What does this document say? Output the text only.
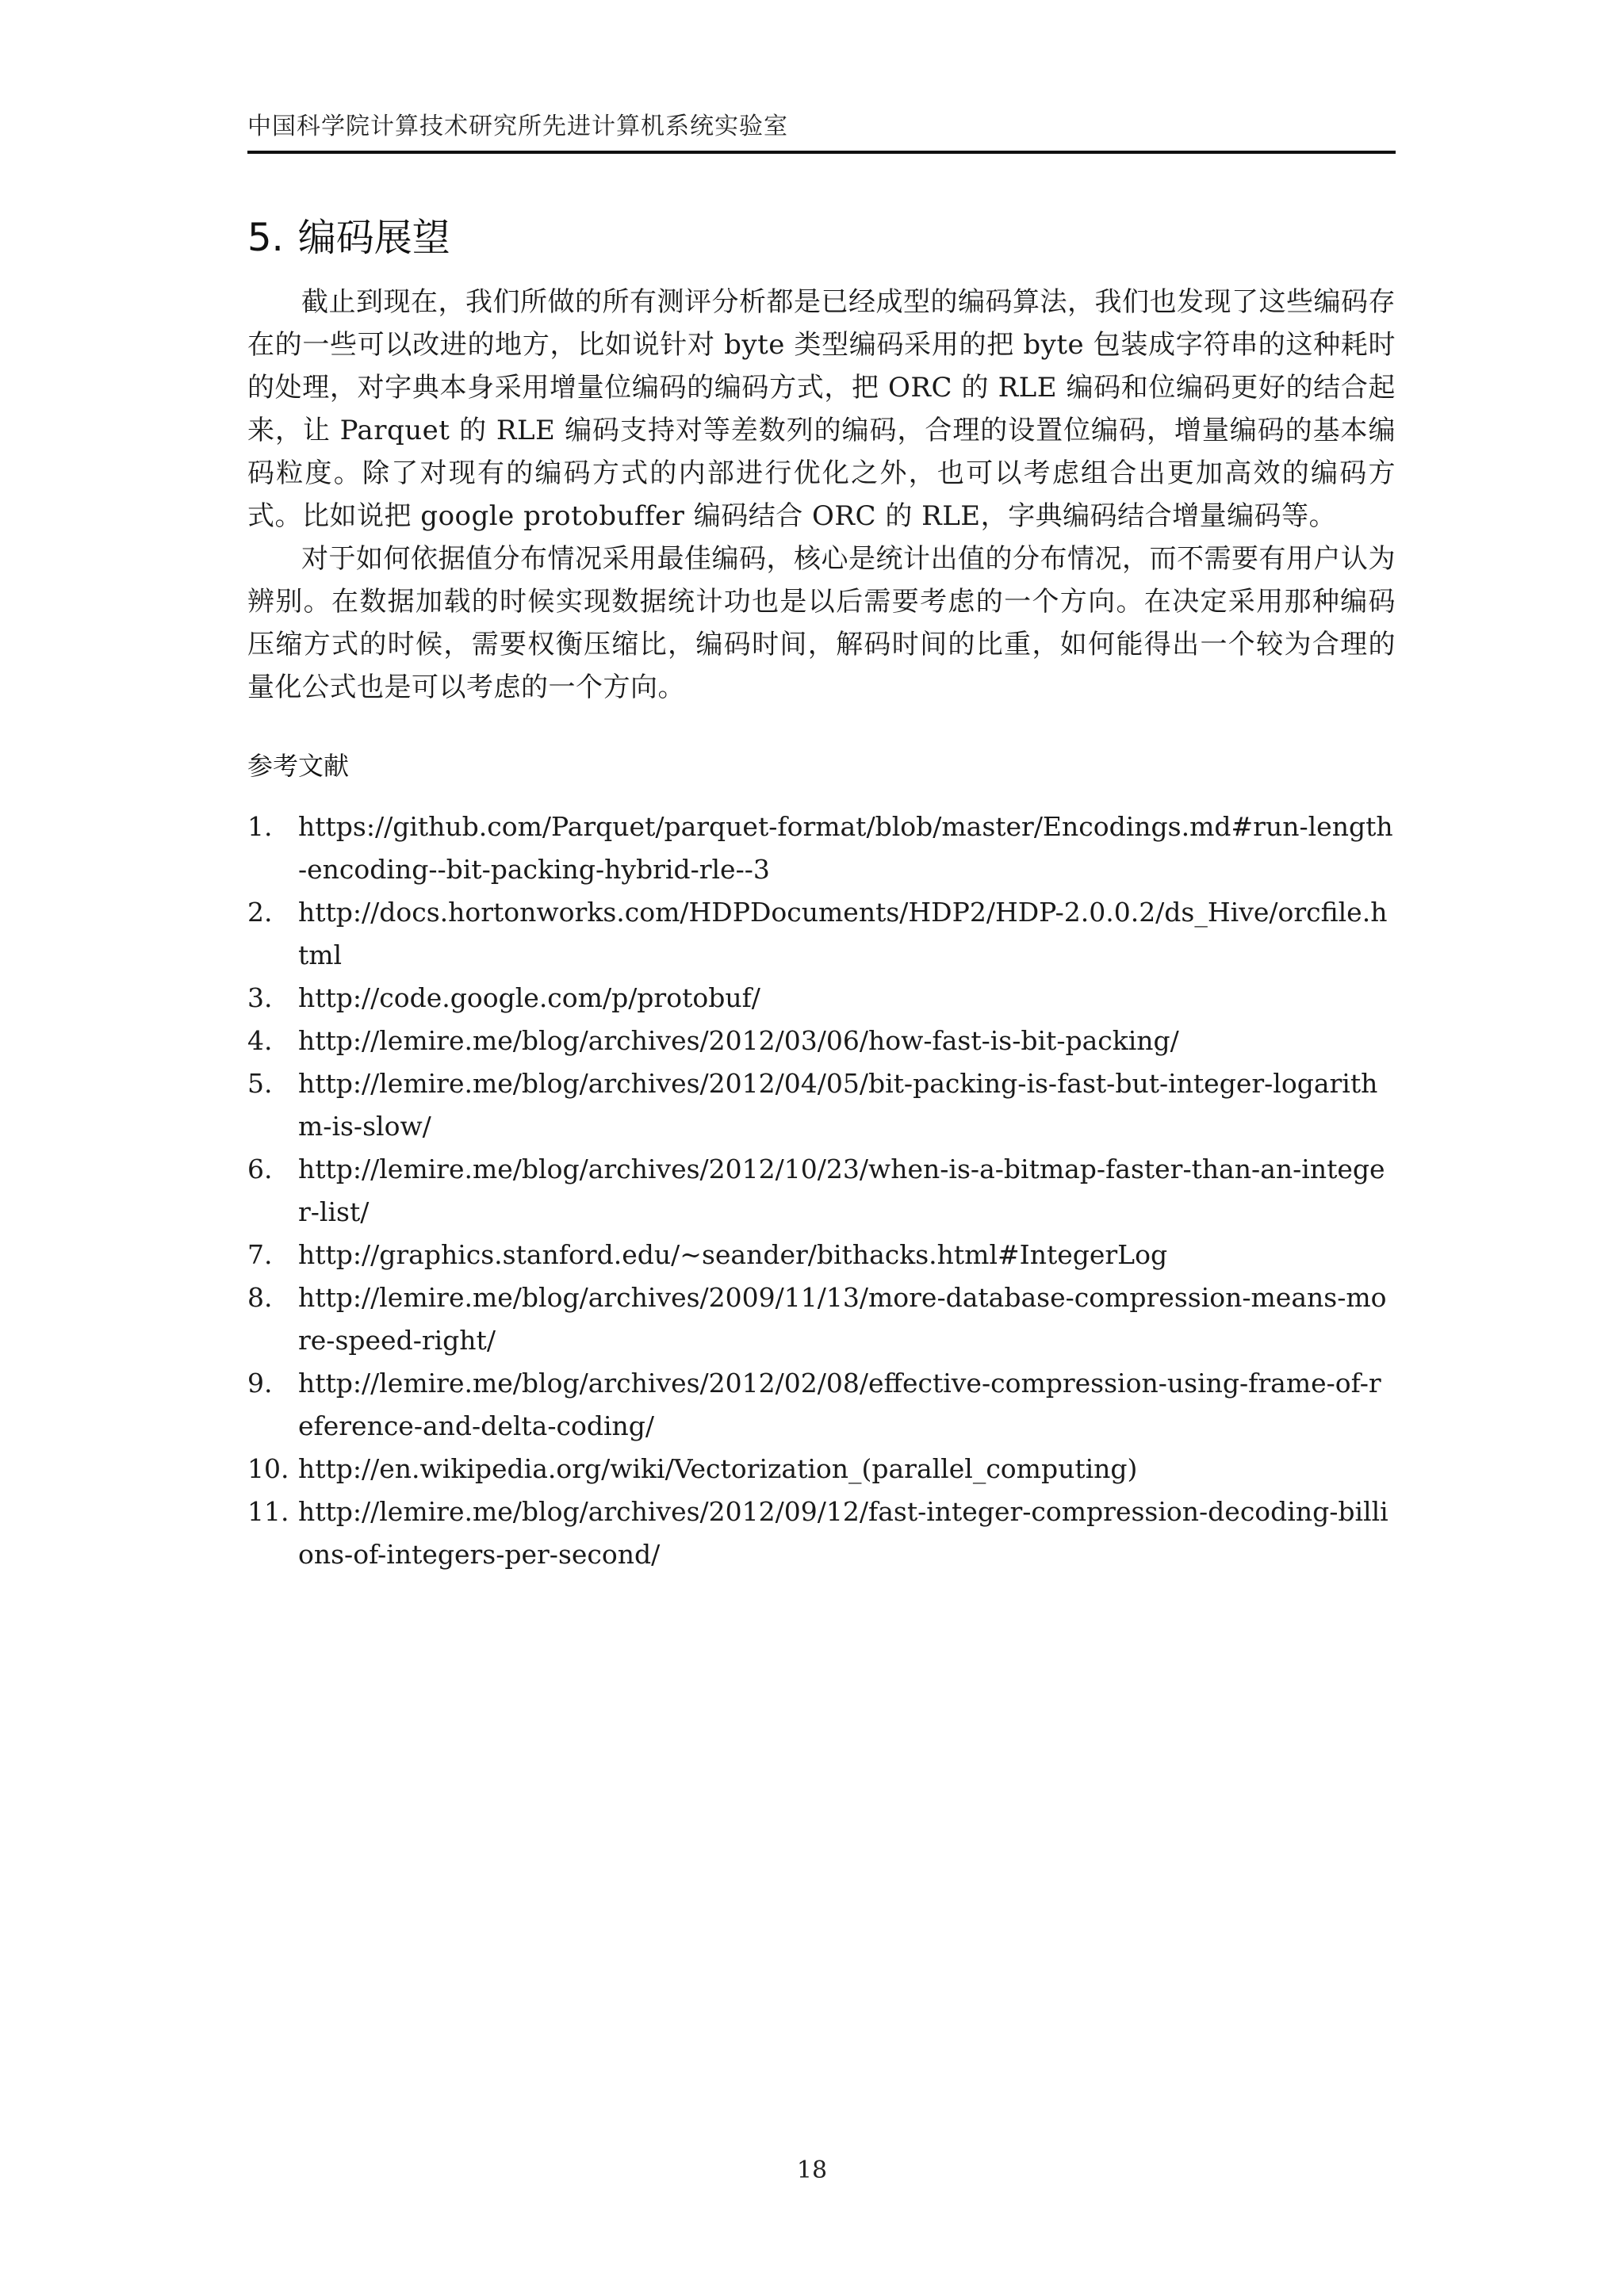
中国科学院计算技术研究所先进计算机系统实验室
5. 编码展望

截止到现在，我们所做的所有测评分析都是已经成型的编码算法，我们也发现了这些编码存在的一些可以改进的地方，比如说针对 byte 类型编码采用的把 byte 包装成字符串的这种耗时的处理，对字典本身采用增量位编码的编码方式，把 ORC 的 RLE 编码和位编码更好的结合起来，让 Parquet 的 RLE 编码支持对等差数列的编码，合理的设置位编码，增量编码的基本编码粒度。除了对现有的编码方式的内部进行优化之外，也可以考虑组合出更加高效的编码方式。比如说把 google protobuffer 编码结合 ORC 的 RLE，字典编码结合增量编码等。

对于如何依据值分布情况采用最佳编码，核心是统计出值的分布情况，而不需要有用户认为辨别。在数据加载的时候实现数据统计功也是以后需要考虑的一个方向。在决定采用那种编码压缩方式的时候，需要权衡压缩比，编码时间，解码时间的比重，如何能得出一个较为合理的量化公式也是可以考虑的一个方向。

参考文献
1. https://github.com/Parquet/parquet-format/blob/master/Encodings.md#run-length-encoding--bit-packing-hybrid-rle--3
2. http://docs.hortonworks.com/HDPDocuments/HDP2/HDP-2.0.0.2/ds_Hive/orcfile.html
3. http://code.google.com/p/protobuf/
4. http://lemire.me/blog/archives/2012/03/06/how-fast-is-bit-packing/
5. http://lemire.me/blog/archives/2012/04/05/bit-packing-is-fast-but-integer-logarithm-is-slow/
6. http://lemire.me/blog/archives/2012/10/23/when-is-a-bitmap-faster-than-an-integer-list/
7. http://graphics.stanford.edu/~seander/bithacks.html#IntegerLog
8. http://lemire.me/blog/archives/2009/11/13/more-database-compression-means-more-speed-right/
9. http://lemire.me/blog/archives/2012/02/08/effective-compression-using-frame-of-reference-and-delta-coding/
10. http://en.wikipedia.org/wiki/Vectorization_(parallel_computing)
11. http://lemire.me/blog/archives/2012/09/12/fast-integer-compression-decoding-billions-of-integers-per-second/
18
